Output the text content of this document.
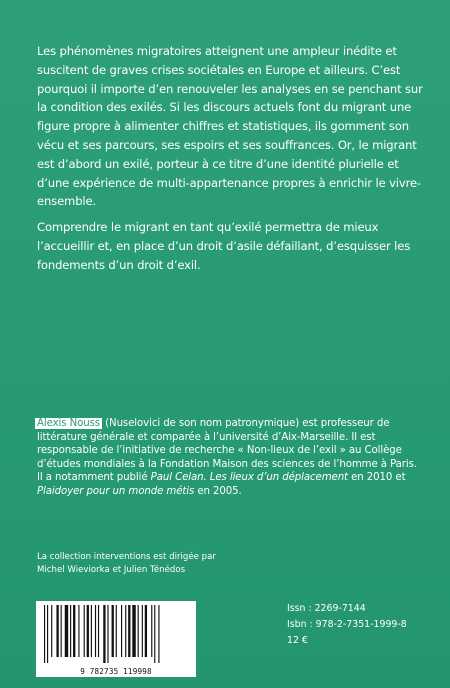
Les phénomènes migratoires atteignent une ampleur inédite et suscitent de graves crises sociétales en Europe et ailleurs. C’est pourquoi il importe d’en renouveler les analyses en se penchant sur la condition des exilés. Si les discours actuels font du migrant une figure propre à alimenter chiffres et statistiques, ils gomment son vécu et ses parcours, ses espoirs et ses souffrances. Or, le migrant est d’abord un exilé, porteur à ce titre d’une identité plurielle et d’une expérience de multi-appartenance propres à enrichir le vivre-ensemble.

Comprendre le migrant en tant qu’exilé permettra de mieux l’accueillir et, en place d’un droit d’asile défaillant, d’esquisser les fondements d’un droit d’exil.

Alexis Nouss (Nuselovici de son nom patronymique) est professeur de littérature générale et comparée à l’université d’Aix-Marseille. Il est responsable de l’initiative de recherche « Non-lieux de l’exil » au Collège d’études mondiales à la Fondation Maison des sciences de l’homme à Paris.
Il a notamment publié Paul Celan. Les lieux d’un déplacement en 2010 et Plaidoyer pour un monde métis en 2005.

La collection interventions est dirigée par
Michel Wieviorka et Julien Ténédos
9 782735 119998
Issn : 2269-7144
Isbn : 978-2-7351-1999-8
12 €
